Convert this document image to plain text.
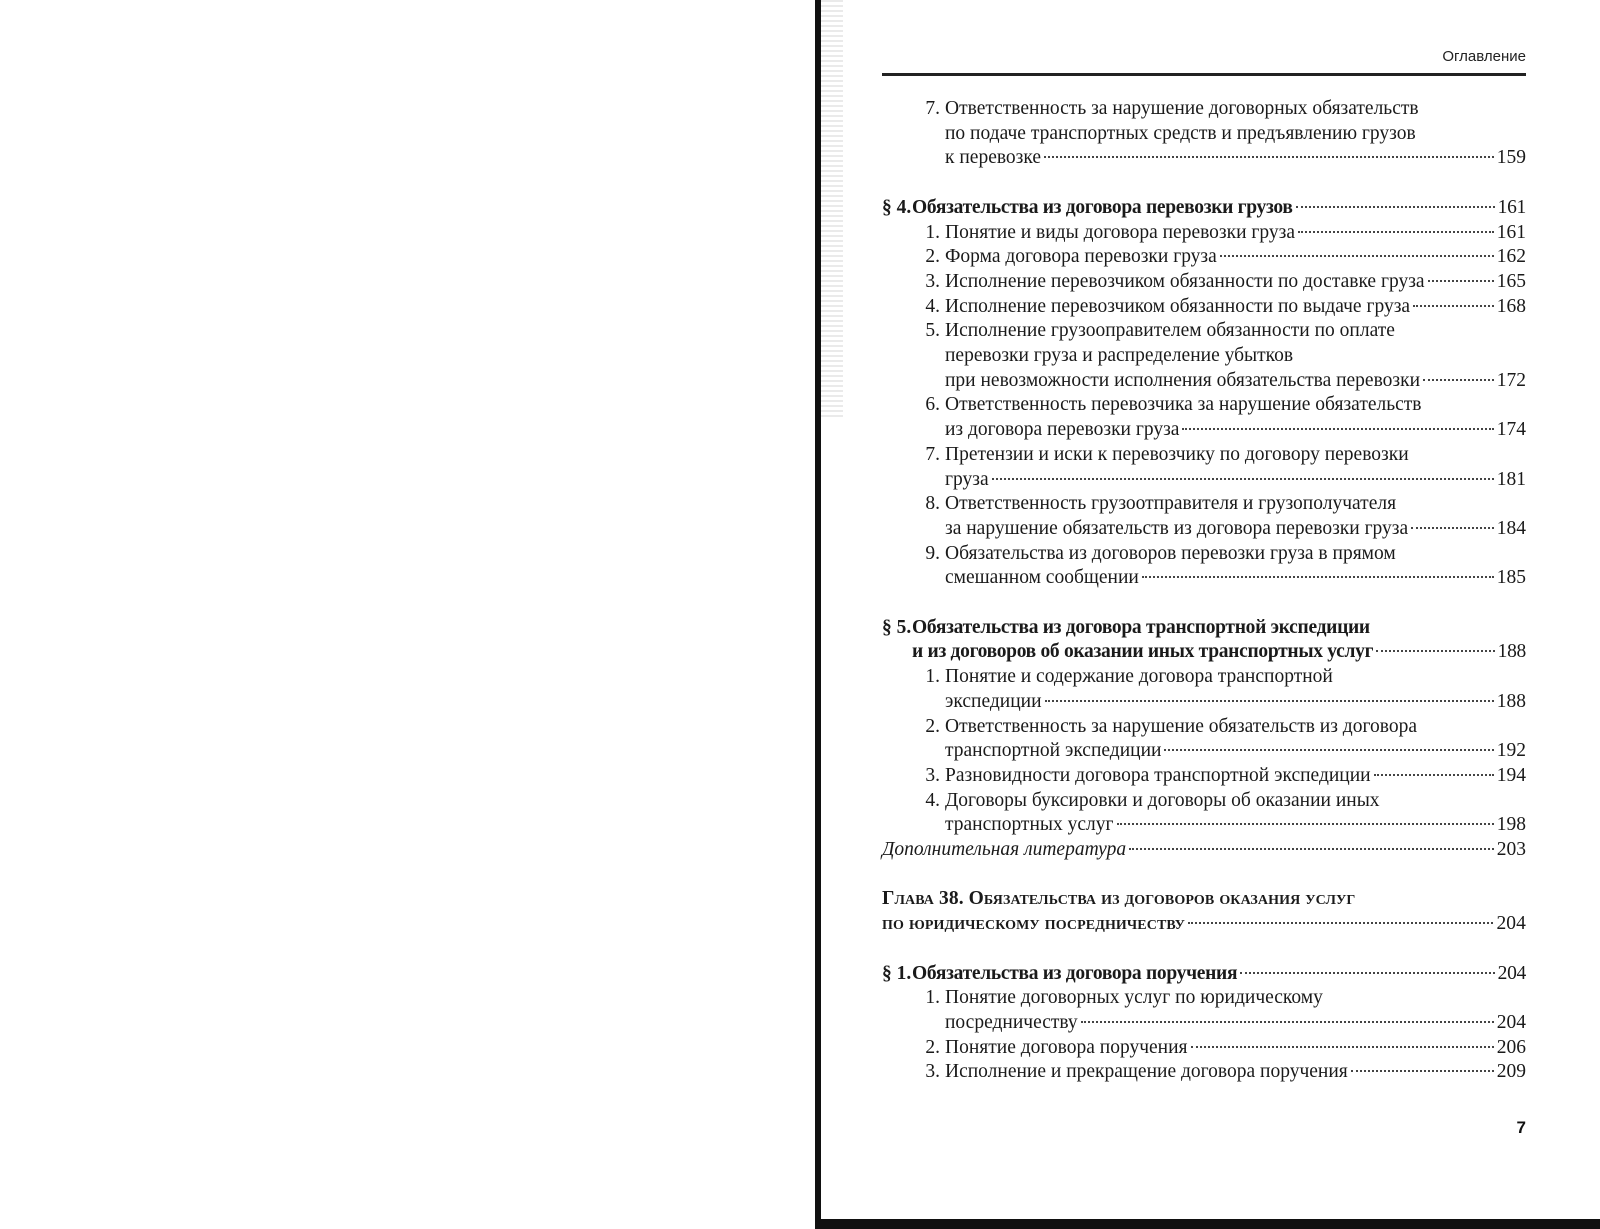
Оглавление
7. Ответственность за нарушение договорных обязательств
по подаче транспортных средств и предъявлению грузов
к перевозке	159
§ 4. Обязательства из договора перевозки грузов	161
1. Понятие и виды договора перевозки груза	161
2. Форма договора перевозки груза	162
3. Исполнение перевозчиком обязанности по доставке груза	165
4. Исполнение перевозчиком обязанности по выдаче груза	168
5. Исполнение грузооправителем обязанности по оплате
перевозки груза и распределение убытков
при невозможности исполнения обязательства перевозки	172
6. Ответственность перевозчика за нарушение обязательств
из договора перевозки груза	174
7. Претензии и иски к перевозчику по договору перевозки
груза	181
8. Ответственность грузоотправителя и грузополучателя
за нарушение обязательств из договора перевозки груза	184
9. Обязательства из договоров перевозки груза в прямом
смешанном сообщении	185
§ 5. Обязательства из договора транспортной экспедиции
и из договоров об оказании иных транспортных услуг	188
1. Понятие и содержание договора транспортной
экспедиции	188
2. Ответственность за нарушение обязательств из договора
транспортной экспедиции	192
3. Разновидности договора транспортной экспедиции	194
4. Договоры буксировки и договоры об оказании иных
транспортных услуг	198
Дополнительная литература	203
Глава 38. Обязательства из договоров оказания услуг
по юридическому посредничеству	204
§ 1. Обязательства из договора поручения	204
1. Понятие договорных услуг по юридическому
посредничеству	204
2. Понятие договора поручения	206
3. Исполнение и прекращение договора поручения	209
7
